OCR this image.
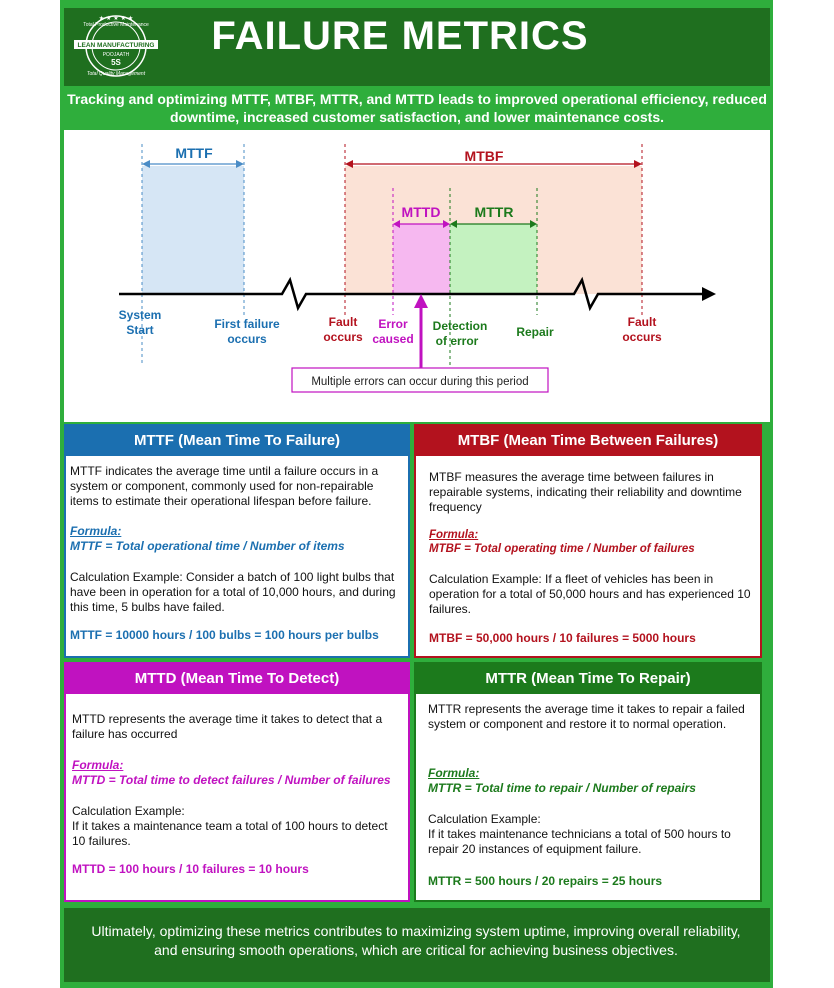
Total Productive Maintenance
LEAN MANUFACTURING
POOJAATH
5S
Total Quality Management
★ ★ ★ ★ ★	FAILURE METRICS
Tracking and optimizing MTTF, MTBF, MTTR, and MTTD leads to improved operational efficiency, reduced downtime, increased customer satisfaction, and lower maintenance costs.
MTTF	MTBF
MTTD MTTR
Multiple errors can occur during this period
System
Start	First failure
occurs
Fault
occurs
Error
caused
Detection
of error
Repair
Fault
occurs
MTTF (Mean Time To Failure)
MTTF indicates the average time until a failure occurs in a system or component, commonly used for non-repairable items to estimate their operational lifespan before failure.
Formula:
MTTF = Total operational time / Number of items
Calculation Example: Consider a batch of 100 light bulbs that have been in operation for a total of 10,000 hours, and during this time, 5 bulbs have failed.
MTTF = 10000 hours / 100 bulbs = 100 hours per bulbs
MTBF (Mean Time Between Failures)
MTBF measures the average time between failures in repairable systems, indicating their reliability and downtime frequency
Formula:
MTBF = Total operating time / Number of failures
Calculation Example: If a fleet of vehicles has been in operation for a total of 50,000 hours and has experienced 10 failures.
MTBF = 50,000 hours / 10 failures = 5000 hours
MTTD (Mean Time To Detect)
MTTD represents the average time it takes to detect that a failure has occurred
Formula:
MTTD = Total time to detect failures / Number of failures
Calculation Example:
If it takes a maintenance team a total of 100 hours to detect 10 failures.
MTTD = 100 hours / 10 failures = 10 hours
MTTR (Mean Time To Repair)
MTTR represents the average time it takes to repair a failed system or component and restore it to normal operation.
Formula:
MTTR = Total time to repair / Number of repairs
Calculation Example:
If it takes maintenance technicians a total of 500 hours to repair 20 instances of equipment failure.
MTTR = 500 hours / 20 repairs = 25 hours
Ultimately, optimizing these metrics contributes to maximizing system uptime, improving overall reliability, and ensuring smooth operations, which are critical for achieving business objectives.
